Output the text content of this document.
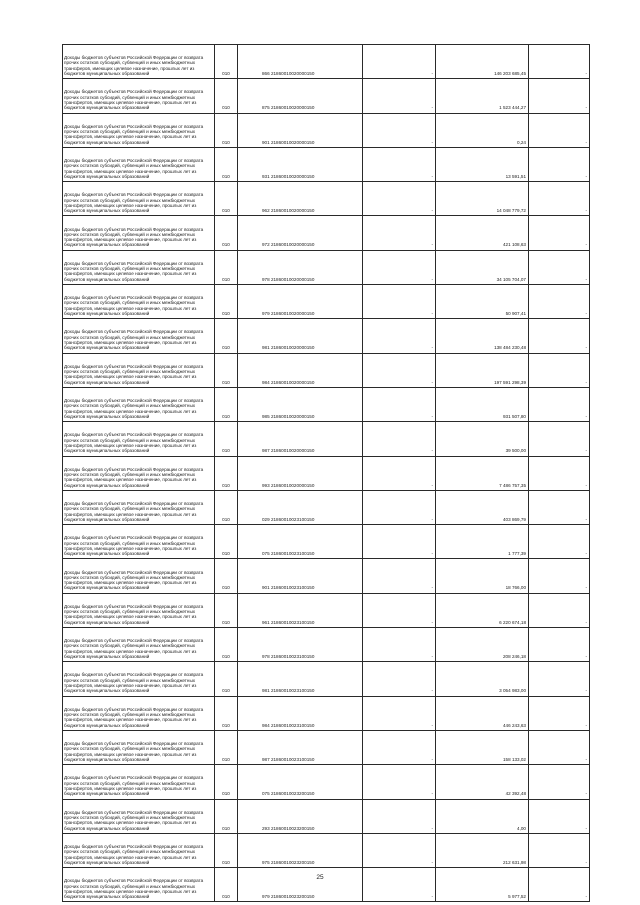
Доходы бюджетов субъектов Российской Федерации от возврата прочих остатков субсидий, субвенций и иных межбюджетных трансферов, имеющих целевое назначение, прошлых лет из бюджетов муниципальных образований	010	866 21860010020000150	-	146 203 685,45	-
Доходы бюджетов субъектов Российской Федерации от возврата прочих остатков субсидий, субвенций и иных межбюджетных трансфертов, имеющих целевое назначение, прошлых лет из бюджетов муниципальных образований	010	875 21860010020000150	-	1 523 444,27	-
Доходы бюджетов субъектов Российской Федерации от возврата прочих остатков субсидий, субвенций и иных межбюджетных трансфертов, имеющих целевое назначение, прошлых лет из бюджетов муниципальных образований	010	901 21860010020000150	-	0,24	-
Доходы бюджетов субъектов Российской Федерации от возврата прочих остатков субсидий, субвенций и иных межбюджетных трансфертов, имеющих целевое назначение, прошлых лет из бюджетов муниципальных образований	010	931 21860010020000150	-	13 591,51	-
Доходы бюджетов субъектов Российской Федерации от возврата прочих остатков субсидий, субвенций и иных межбюджетных трансфертов, имеющих целевое назначение, прошлых лет из бюджетов муниципальных образований	010	962 21860010020000150	-	14 048 779,72	-
Доходы бюджетов субъектов Российской Федерации от возврата прочих остатков субсидий, субвенций и иных межбюджетных трансфертов, имеющих целевое назначение, прошлых лет из бюджетов муниципальных образований	010	972 21860010020000150	-	421 108,63	-
Доходы бюджетов субъектов Российской Федерации от возврата прочих остатков субсидий, субвенций и иных межбюджетных трансфертов, имеющих целевое назначение, прошлых лет из бюджетов муниципальных образований	010	978 21860010020000150	-	34 105 704,07	-
Доходы бюджетов субъектов Российской Федерации от возврата прочих остатков субсидий, субвенций и иных межбюджетных трансфертов, имеющих целевое назначение, прошлых лет из бюджетов муниципальных образований	010	979 21860010020000150	-	50 907,41	-
Доходы бюджетов субъектов Российской Федерации от возврата прочих остатков субсидий, субвенций и иных межбюджетных трансфертов, имеющих целевое назначение, прошлых лет из бюджетов муниципальных образований	010	981 21860010020000150	-	138 484 230,48	-
Доходы бюджетов субъектов Российской Федерации от возврата прочих остатков субсидий, субвенций и иных межбюджетных трансфертов, имеющих целевое назначение, прошлых лет из бюджетов муниципальных образований	010	984 21860010020000150	-	197 591 298,39	-
Доходы бюджетов субъектов Российской Федерации от возврата прочих остатков субсидий, субвенций и иных межбюджетных трансфертов, имеющих целевое назначение, прошлых лет из бюджетов муниципальных образований	010	985 21860010020000150	-	931 507,80	-
Доходы бюджетов субъектов Российской Федерации от возврата прочих остатков субсидий, субвенций и иных межбюджетных трансфертов, имеющих целевое назначение, прошлых лет из бюджетов муниципальных образований	010	987 21860010020000150	-	39 500,00	-
Доходы бюджетов субъектов Российской Федерации от возврата прочих остатков субсидий, субвенций и иных межбюджетных трансфертов, имеющих целевое назначение, прошлых лет из бюджетов муниципальных образований	010	993 21860010020000150	-	7 486 757,35	-
Доходы бюджетов субъектов Российской Федерации от возврата прочих остатков субсидий, субвенций и иных межбюджетных трансфертов, имеющих целевое назначение, прошлых лет из бюджетов муниципальных образований	010	029 21860010023100150	-	403 869,79	-
Доходы бюджетов субъектов Российской Федерации от возврата прочих остатков субсидий, субвенций и иных межбюджетных трансфертов, имеющих целевое назначение, прошлых лет из бюджетов муниципальных образований	010	075 21860010023100150	-	1 777,39	-
Доходы бюджетов субъектов Российской Федерации от возврата прочих остатков субсидий, субвенций и иных межбюджетных трансфертов, имеющих целевое назначение, прошлых лет из бюджетов муниципальных образований	010	901 21860010023100150	-	18 766,00	-
Доходы бюджетов субъектов Российской Федерации от возврата прочих остатков субсидий, субвенций и иных межбюджетных трансфертов, имеющих целевое назначение, прошлых лет из бюджетов муниципальных образований	010	961 21860010023100150	-	6 220 674,18	-
Доходы бюджетов субъектов Российской Федерации от возврата прочих остатков субсидий, субвенций и иных межбюджетных трансфертов, имеющих целевое назначение, прошлых лет из бюджетов муниципальных образований	010	978 21860010023100150	-	208 246,18	-
Доходы бюджетов субъектов Российской Федерации от возврата прочих остатков субсидий, субвенций и иных межбюджетных трансфертов, имеющих целевое назначение, прошлых лет из бюджетов муниципальных образований	010	981 21860010023100150	-	3 054 983,00	-
Доходы бюджетов субъектов Российской Федерации от возврата прочих остатков субсидий, субвенций и иных межбюджетных трансфертов, имеющих целевое назначение, прошлых лет из бюджетов муниципальных образований	010	984 21860010023100150	-	446 243,63	-
Доходы бюджетов субъектов Российской Федерации от возврата прочих остатков субсидий, субвенций и иных межбюджетных трансфертов, имеющих целевое назначение, прошлых лет из бюджетов муниципальных образований	010	987 21860010023100150	-	158 133,02	-
Доходы бюджетов субъектов Российской Федерации от возврата прочих остатков субсидий, субвенций и иных межбюджетных трансфертов, имеющих целевое назначение, прошлых лет из бюджетов муниципальных образований	010	075 21860010023200150	-	42 392,48	-
Доходы бюджетов субъектов Российской Федерации от возврата прочих остатков субсидий, субвенций и иных межбюджетных трансфертов, имеющих целевое назначение, прошлых лет из бюджетов муниципальных образований	010	293 21860010023200150	-	4,00	-
Доходы бюджетов субъектов Российской Федерации от возврата прочих остатков субсидий, субвенций и иных межбюджетных трансфертов, имеющих целевое назначение, прошлых лет из бюджетов муниципальных образований	010	975 21860010023200150	-	212 631,98	-
Доходы бюджетов субъектов Российской Федерации от возврата прочих остатков субсидий, субвенций и иных межбюджетных трансфертов, имеющих целевое назначение, прошлых лет из бюджетов муниципальных образований	010	979 21860010023200150	-	5 977,52	-
25
